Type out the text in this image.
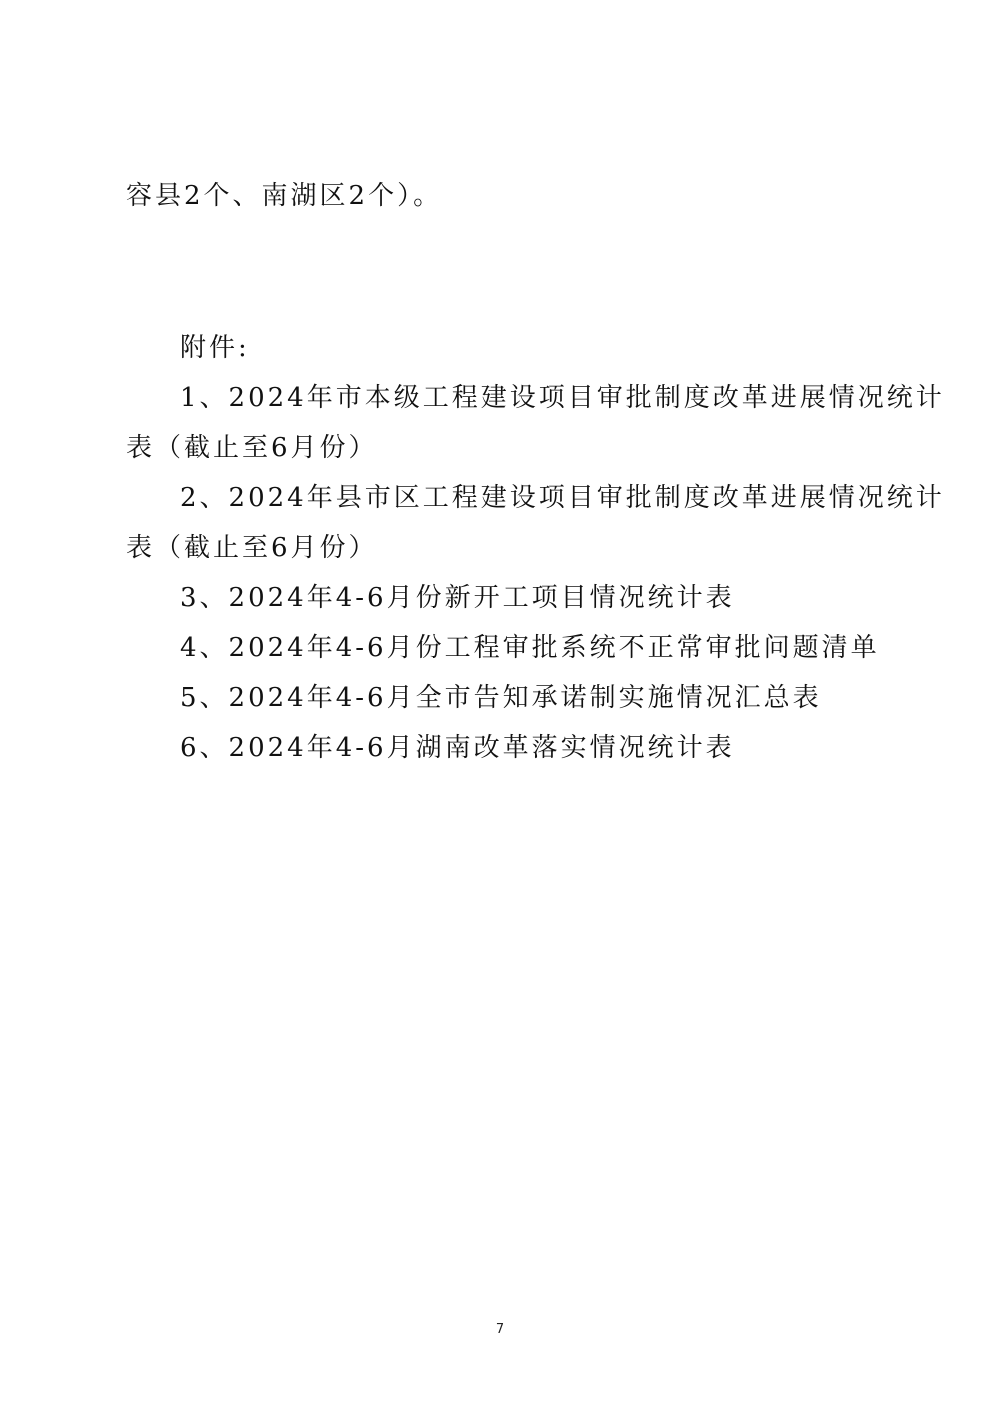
容县2个、南湖区2个）。
附件:
1、2024年市本级工程建设项目审批制度改革进展情况统计
表（截止至6月份）
2、2024年县市区工程建设项目审批制度改革进展情况统计
表（截止至6月份）
3、2024年4-6月份新开工项目情况统计表
4、2024年4-6月份工程审批系统不正常审批问题清单
5、2024年4-6月全市告知承诺制实施情况汇总表
6、2024年4-6月湖南改革落实情况统计表
7
